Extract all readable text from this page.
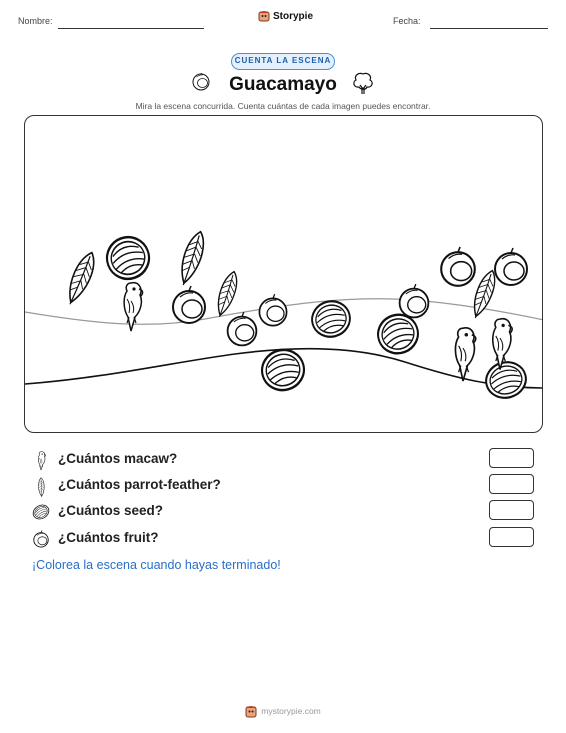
Nombre:	Storypie	Fecha:
CUENTA LA ESCENA
Guacamayo
Mira la escena concurrida. Cuenta cuántas de cada imagen puedes encontrar.
¿Cuántos macaw?
¿Cuántos parrot-feather?
¿Cuántos seed?
¿Cuántos fruit?
¡Colorea la escena cuando hayas terminado!
mystorypie.com
